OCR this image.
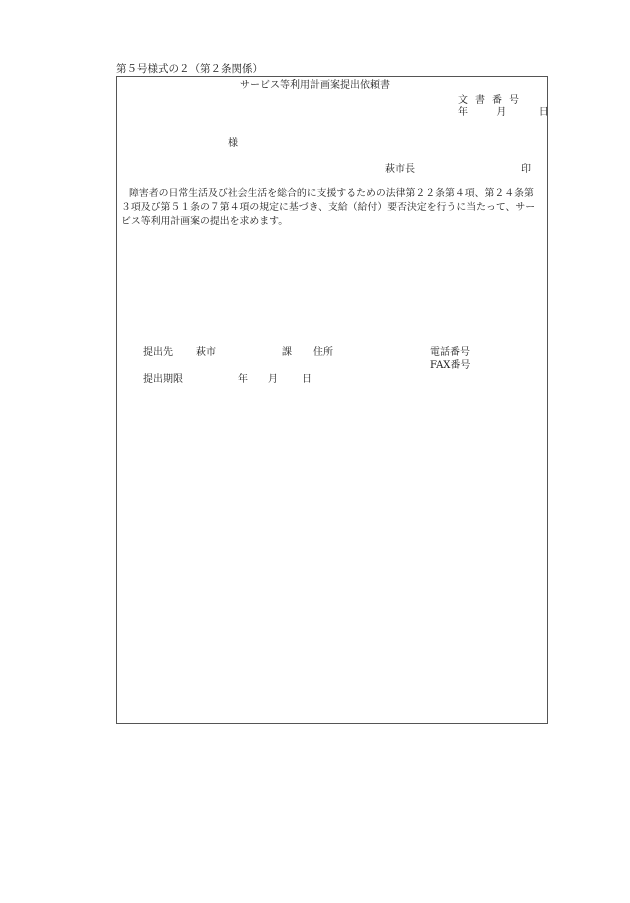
第５号様式の２（第２条関係）
サービス等利用計画案提出依頼書
文書番号
年	月	日
様
萩市長	印
障害者の日常生活及び社会生活を総合的に支援するための法律第２２条第４項、第２４条第３項及び第５１条の７第４項の規定に基づき、支給（給付）要否決定を行うに当たって、サービス等利用計画案の提出を求めます。
提出先 萩市	課 住所	電話番号
FAX番号
提出期限	年 月 日
